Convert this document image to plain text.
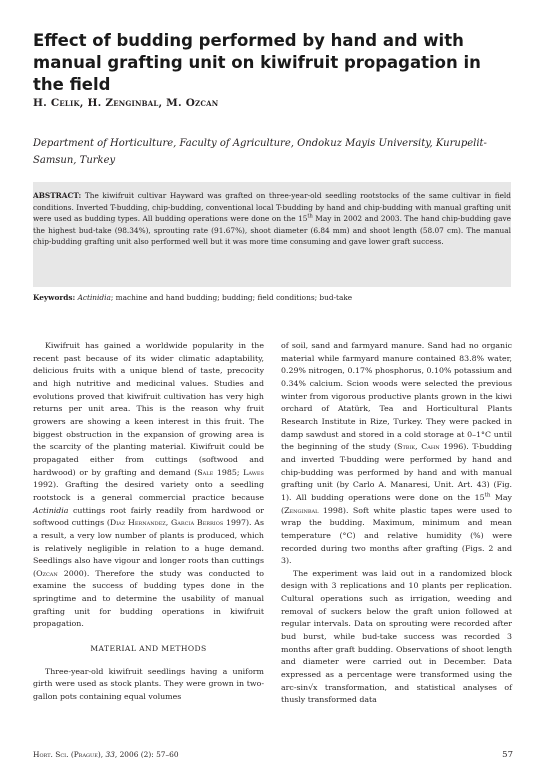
Effect of budding performed by hand and with manual grafting unit on kiwifruit propagation in the field
H. Celik, H. Zenginbal, M. Ozcan
Department of Horticulture, Faculty of Agriculture, Ondokuz Mayis University, Kurupelit-Samsun, Turkey

ABSTRACT: The kiwifruit cultivar Hayward was grafted on three-year-old seedling rootstocks of the same cultivar in field conditions. Inverted T-budding, chip-budding, conventional local T-budding by hand and chip-budding with manual grafting unit were used as budding types. All budding operations were done on the 15th May in 2002 and 2003. The hand chip-budding gave the highest bud-take (98.34%), sprouting rate (91.67%), shoot diameter (6.84 mm) and shoot length (58.07 cm). The manual chip-budding grafting unit also performed well but it was more time consuming and gave lower graft success.

Keywords: Actinidia; machine and hand budding; budding; field conditions; bud-take

Kiwifruit has gained a worldwide popularity in the recent past because of its wider climatic adaptability, delicious fruits with a unique blend of taste, precocity and high nutritive and medicinal values. Studies and evolutions proved that kiwifruit cultivation has very high returns per unit area. This is the reason why fruit growers are showing a keen interest in this fruit. The biggest obstruction in the expansion of growing area is the scarcity of the planting material. Kiwifruit could be propagated either from cuttings (softwood and hardwood) or by grafting and demand (Sale 1985; Lawes 1992). Grafting the desired variety onto a seedling rootstock is a general commercial practice because Actinidia cuttings root fairly readily from hardwood or softwood cuttings (Diaz Hernandez, Garcia Berrios 1997). As a result, a very low number of plants is produced, which is relatively negligible in relation to a huge demand. Seedlings also have vigour and longer roots than cuttings (Ozcan 2000). Therefore the study was conducted to examine the success of budding types done in the springtime and to determine the usability of manual grafting unit for budding operations in kiwifruit propagation.

MATERIAL AND METHODS

Three-year-old kiwifruit seedlings having a uniform girth were used as stock plants. They were grown in two-gallon pots containing equal volumes

of soil, sand and farmyard manure. Sand had no organic material while farmyard manure contained 83.8% water, 0.29% nitrogen, 0.17% phosphorus, 0.10% potassium and 0.34% calcium. Scion woods were selected the previous winter from vigorous productive plants grown in the kiwi orchard of Atatürk, Tea and Horticultural Plants Research Institute in Rize, Turkey. They were packed in damp sawdust and stored in a cold storage at 0–1°C until the beginning of the study (Stbik, Cahn 1996). T-budding and inverted T-budding were performed by hand and chip-budding was performed by hand and with manual grafting unit (by Carlo A. Manaresi, Unit. Art. 43) (Fig. 1). All budding operations were done on the 15th May (Zenginbal 1998). Soft white plastic tapes were used to wrap the budding. Maximum, minimum and mean temperature (°C) and relative humidity (%) were recorded during two months after grafting (Figs. 2 and 3).

The experiment was laid out in a randomized block design with 3 replications and 10 plants per replication. Cultural operations such as irrigation, weeding and removal of suckers below the graft union followed at regular intervals. Data on sprouting were recorded after bud burst, while bud-take success was recorded 3 months after graft budding. Observations of shoot length and diameter were carried out in December. Data expressed as a percentage were transformed using the arc-sin√x transformation, and statistical analyses of thusly transformed data

Hort. Sci. (Prague), 33, 2006 (2): 57–60	57
